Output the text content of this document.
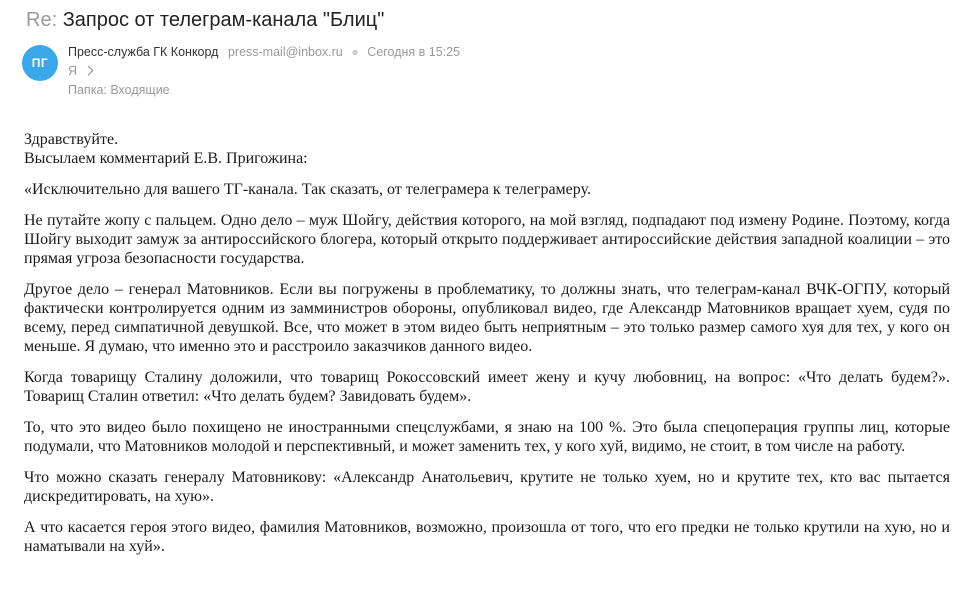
Re: Запрос от телеграм-канала "Блиц"
ПГ
Пресс-служба ГК Конкорд press-mail@inbox.ru ● Сегодня в 15:25
Я
Папка: Входящие

Здравствуйте.

Высылаем комментарий Е.В. Пригожина:

«Исключительно для вашего ТГ-канала. Так сказать, от телеграмера к телеграмеру.

Не путайте жопу с пальцем. Одно дело – муж Шойгу, действия которого, на мой взгляд, подпадают под измену Родине. Поэтому, когда Шойгу выходит замуж за антироссийского блогера, который открыто поддерживает антироссийские действия западной коалиции – это прямая угроза безопасности государства.

Другое дело – генерал Матовников. Если вы погружены в проблематику, то должны знать, что телеграм-канал ВЧК-ОГПУ, который фактически контролируется одним из замминистров обороны, опубликовал видео, где Александр Матовников вращает хуем, судя по всему, перед симпатичной девушкой. Все, что может в этом видео быть неприятным – это только размер самого хуя для тех, у кого он меньше. Я думаю, что именно это и расстроило заказчиков данного видео.

Когда товарищу Сталину доложили, что товарищ Рокоссовский имеет жену и кучу любовниц, на вопрос: «Что делать будем?». Товарищ Сталин ответил: «Что делать будем? Завидовать будем».

То, что это видео было похищено не иностранными спецслужбами, я знаю на 100 %. Это была спецоперация группы лиц, которые подумали, что Матовников молодой и перспективный, и может заменить тех, у кого хуй, видимо, не стоит, в том числе на работу.

Что можно сказать генералу Матовникову: «Александр Анатольевич, крутите не только хуем, но и крутите тех, кто вас пытается дискредитировать, на хую».

А что касается героя этого видео, фамилия Матовников, возможно, произошла от того, что его предки не только крутили на хую, но и наматывали на хуй».
